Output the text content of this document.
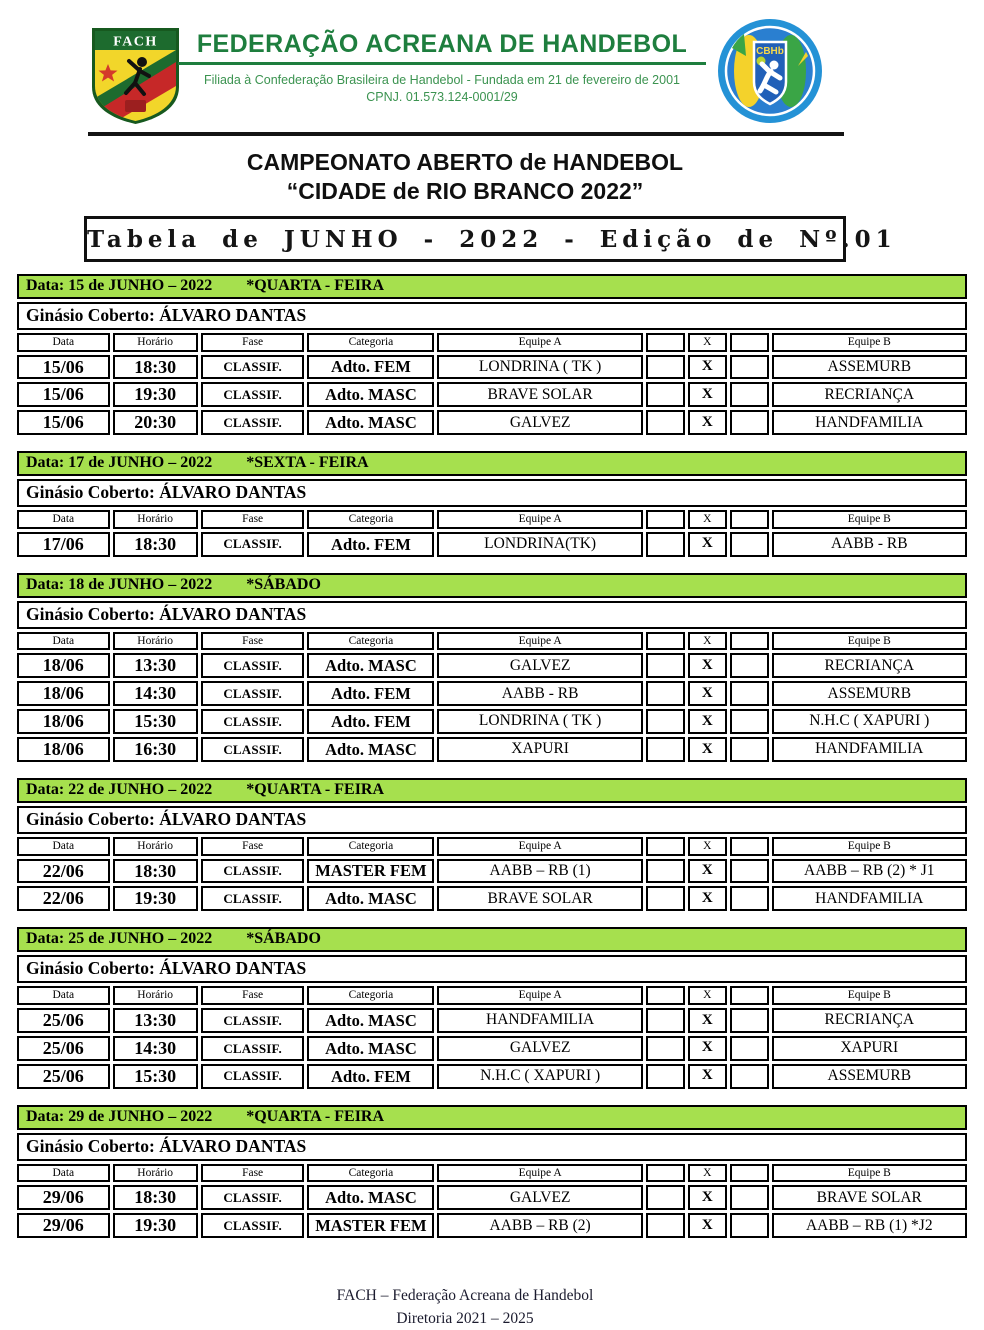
FACH	FEDERAÇÃO ACREANA DE HANDEBOL
Filiada à Confederação Brasileira de Handebol - Fundada em 21 de fevereiro de 2001
CPNJ. 01.573.124-0001/29
CBHb
CAMPEONATO ABERTO de HANDEBOL
“CIDADE de RIO BRANCO 2022”
Tabela de JUNHO - 2022 - Edição de Nº.01
Data: 15 de JUNHO – 2022 *QUARTA - FEIRA								
Ginásio Coberto: ÁLVARO DANTAS								
Data	Horário	Fase	Categoria	Equipe A		X		Equipe B
15/06	18:30	CLASSIF.	Adto. FEM	LONDRINA ( TK )		X		ASSEMURB
15/06	19:30	CLASSIF.	Adto. MASC	BRAVE SOLAR		X		RECRIANÇA
15/06	20:30	CLASSIF.	Adto. MASC	GALVEZ		X		HANDFAMILIA
Data: 17 de JUNHO – 2022 *SEXTA - FEIRA								
Ginásio Coberto: ÁLVARO DANTAS								
Data	Horário	Fase	Categoria	Equipe A		X		Equipe B
17/06	18:30	CLASSIF.	Adto. FEM	LONDRINA(TK)		X		AABB - RB
Data: 18 de JUNHO – 2022 *SÁBADO								
Ginásio Coberto: ÁLVARO DANTAS								
Data	Horário	Fase	Categoria	Equipe A		X		Equipe B
18/06	13:30	CLASSIF.	Adto. MASC	GALVEZ		X		RECRIANÇA
18/06	14:30	CLASSIF.	Adto. FEM	AABB - RB		X		ASSEMURB
18/06	15:30	CLASSIF.	Adto. FEM	LONDRINA ( TK )		X		N.H.C ( XAPURI )
18/06	16:30	CLASSIF.	Adto. MASC	XAPURI		X		HANDFAMILIA
Data: 22 de JUNHO – 2022 *QUARTA - FEIRA								
Ginásio Coberto: ÁLVARO DANTAS								
Data	Horário	Fase	Categoria	Equipe A		X		Equipe B
22/06	18:30	CLASSIF.	MASTER FEM	AABB – RB (1)		X		AABB – RB (2) * J1
22/06	19:30	CLASSIF.	Adto. MASC	BRAVE SOLAR		X		HANDFAMILIA
Data: 25 de JUNHO – 2022 *SÁBADO								
Ginásio Coberto: ÁLVARO DANTAS								
Data	Horário	Fase	Categoria	Equipe A		X		Equipe B
25/06	13:30	CLASSIF.	Adto. MASC	HANDFAMILIA		X		RECRIANÇA
25/06	14:30	CLASSIF.	Adto. MASC	GALVEZ		X		XAPURI
25/06	15:30	CLASSIF.	Adto. FEM	N.H.C ( XAPURI )		X		ASSEMURB
Data: 29 de JUNHO – 2022 *QUARTA - FEIRA								
Ginásio Coberto: ÁLVARO DANTAS								
Data	Horário	Fase	Categoria	Equipe A		X		Equipe B
29/06	18:30	CLASSIF.	Adto. MASC	GALVEZ		X		BRAVE SOLAR
29/06	19:30	CLASSIF.	MASTER FEM	AABB – RB (2)		X		AABB – RB (1) *J2
FACH – Federação Acreana de Handebol
Diretoria 2021 – 2025
